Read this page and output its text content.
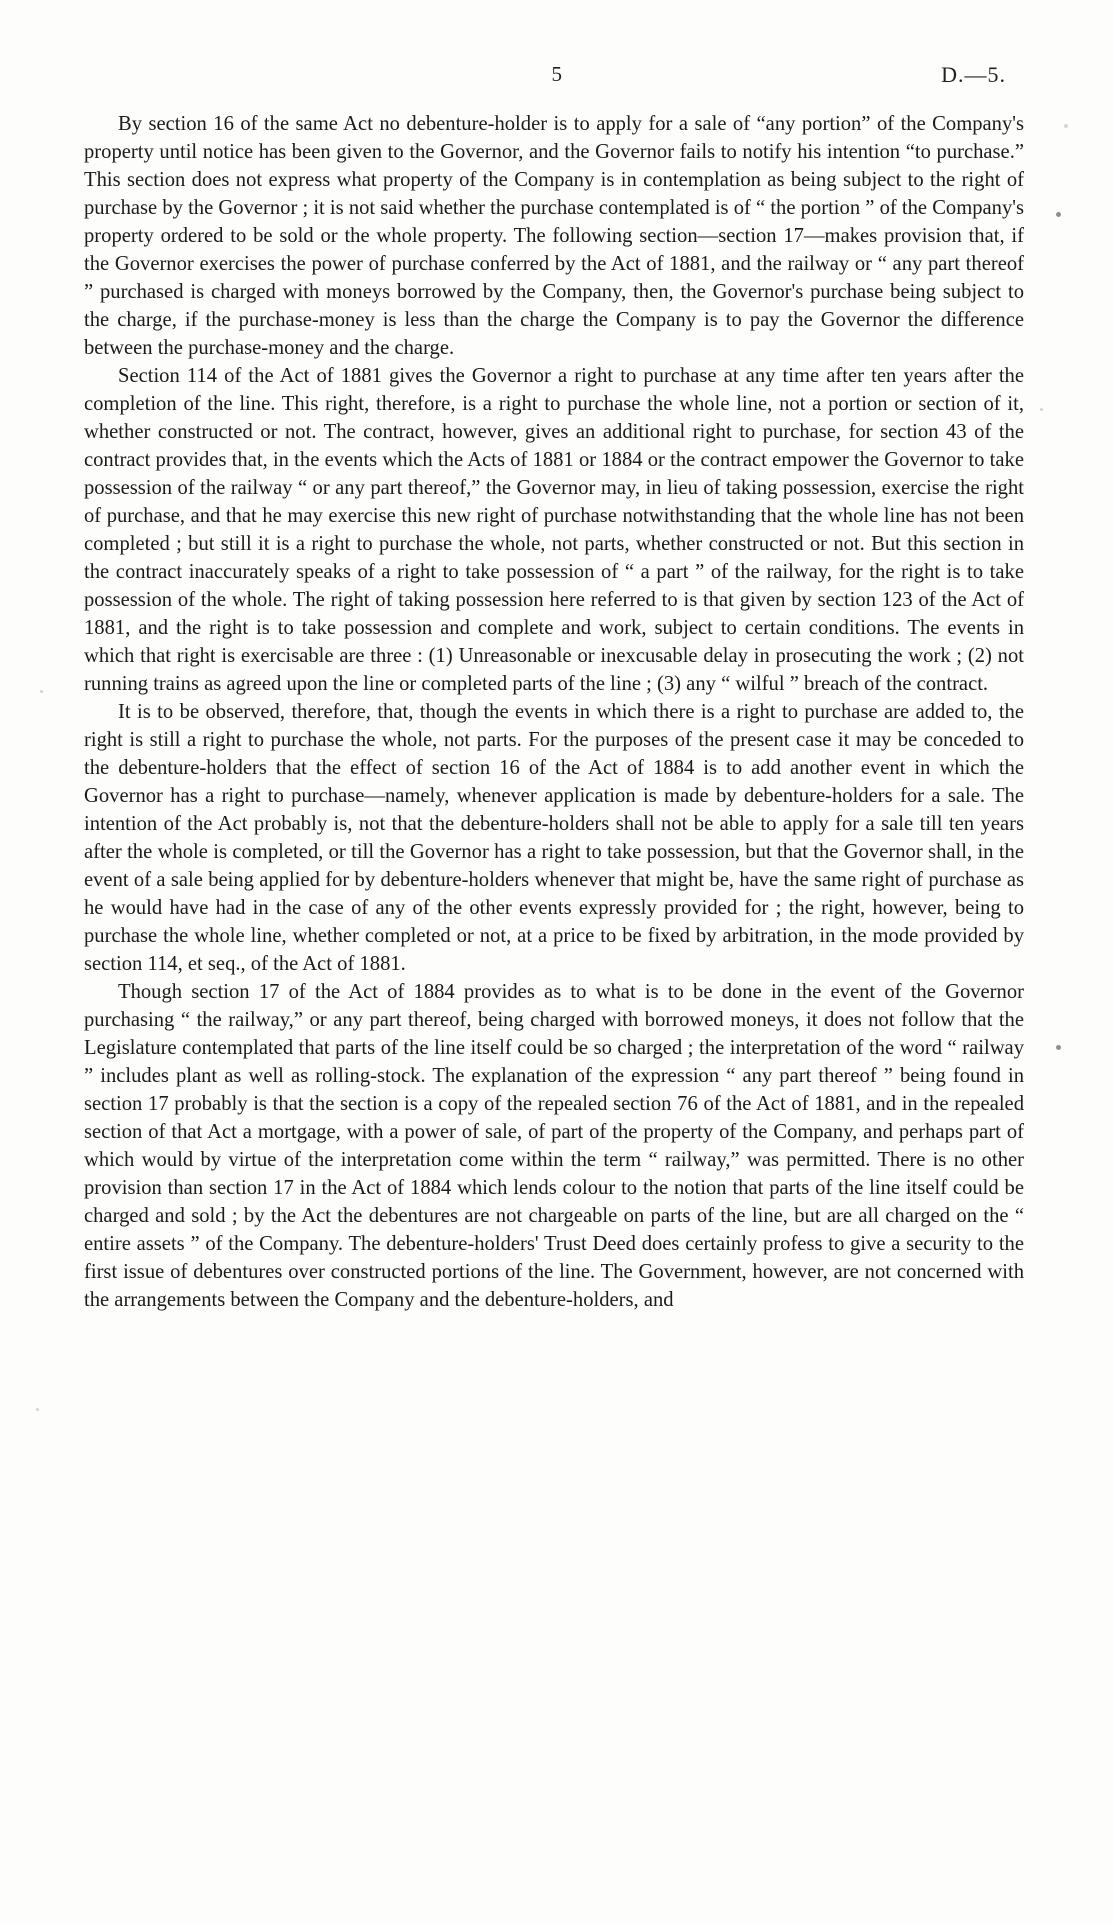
5	D.—5.

By section 16 of the same Act no debenture-holder is to apply for a sale of “any portion” of the Company's property until notice has been given to the Governor, and the Governor fails to notify his intention “to purchase.” This section does not express what property of the Company is in contemplation as being subject to the right of purchase by the Governor ; it is not said whether the purchase contemplated is of “ the portion ” of the Company's property ordered to be sold or the whole property. The following section—section 17—makes provision that, if the Governor exercises the power of purchase conferred by the Act of 1881, and the railway or “ any part thereof ” purchased is charged with moneys borrowed by the Company, then, the Governor's purchase being subject to the charge, if the purchase-money is less than the charge the Company is to pay the Governor the difference between the purchase-money and the charge.

Section 114 of the Act of 1881 gives the Governor a right to purchase at any time after ten years after the completion of the line. This right, therefore, is a right to purchase the whole line, not a portion or section of it, whether constructed or not. The contract, however, gives an additional right to purchase, for section 43 of the contract provides that, in the events which the Acts of 1881 or 1884 or the contract empower the Governor to take possession of the railway “ or any part thereof,” the Governor may, in lieu of taking possession, exercise the right of purchase, and that he may exercise this new right of purchase notwithstanding that the whole line has not been completed ; but still it is a right to purchase the whole, not parts, whether constructed or not. But this section in the contract inaccurately speaks of a right to take possession of “ a part ” of the railway, for the right is to take possession of the whole. The right of taking possession here referred to is that given by section 123 of the Act of 1881, and the right is to take possession and complete and work, subject to certain conditions. The events in which that right is exercisable are three : (1) Unreasonable or inexcusable delay in prosecuting the work ; (2) not running trains as agreed upon the line or completed parts of the line ; (3) any “ wilful ” breach of the contract.

It is to be observed, therefore, that, though the events in which there is a right to purchase are added to, the right is still a right to purchase the whole, not parts. For the purposes of the present case it may be conceded to the debenture-holders that the effect of section 16 of the Act of 1884 is to add another event in which the Governor has a right to purchase—namely, whenever application is made by debenture-holders for a sale. The intention of the Act probably is, not that the debenture-holders shall not be able to apply for a sale till ten years after the whole is completed, or till the Governor has a right to take possession, but that the Governor shall, in the event of a sale being applied for by debenture-holders whenever that might be, have the same right of purchase as he would have had in the case of any of the other events expressly provided for ; the right, however, being to purchase the whole line, whether completed or not, at a price to be fixed by arbitration, in the mode provided by section 114, et seq., of the Act of 1881.

Though section 17 of the Act of 1884 provides as to what is to be done in the event of the Governor purchasing “ the railway,” or any part thereof, being charged with borrowed moneys, it does not follow that the Legislature contemplated that parts of the line itself could be so charged ; the interpretation of the word “ railway ” includes plant as well as rolling-stock. The explanation of the expression “ any part thereof ” being found in section 17 probably is that the section is a copy of the repealed section 76 of the Act of 1881, and in the repealed section of that Act a mortgage, with a power of sale, of part of the property of the Company, and perhaps part of which would by virtue of the interpretation come within the term “ railway,” was permitted. There is no other provision than section 17 in the Act of 1884 which lends colour to the notion that parts of the line itself could be charged and sold ; by the Act the debentures are not chargeable on parts of the line, but are all charged on the “ entire assets ” of the Company. The debenture-holders' Trust Deed does certainly profess to give a security to the first issue of debentures over constructed portions of the line. The Government, however, are not concerned with the arrangements between the Company and the debenture-holders, and
